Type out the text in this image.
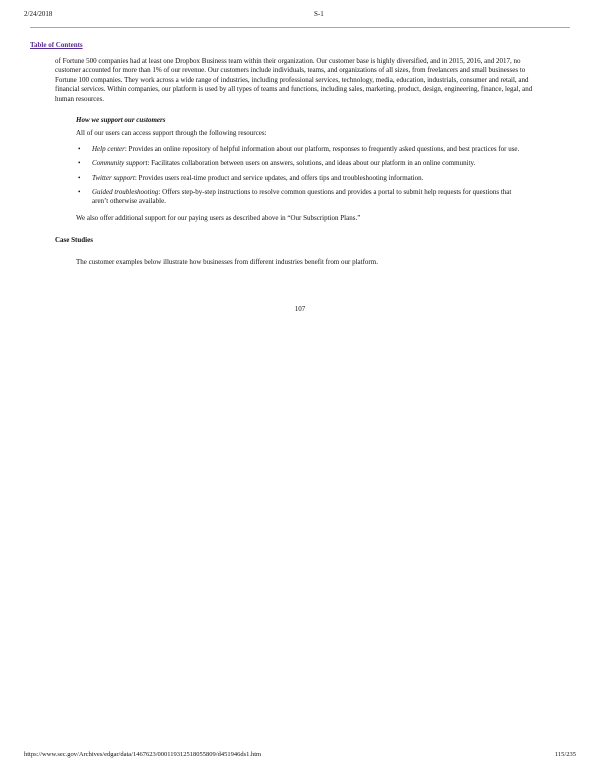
2/24/2018	S-1
Table of Contents

of Fortune 500 companies had at least one Dropbox Business team within their organization. Our customer base is highly diversified, and in 2015, 2016, and 2017, no customer accounted for more than 1% of our revenue. Our customers include individuals, teams, and organizations of all sizes, from freelancers and small businesses to Fortune 100 companies. They work across a wide range of industries, including professional services, technology, media, education, industrials, consumer and retail, and financial services. Within companies, our platform is used by all types of teams and functions, including sales, marketing, product, design, engineering, finance, legal, and human resources.

How we support our customers

All of our users can access support through the following resources:

• Help center: Provides an online repository of helpful information about our platform, responses to frequently asked questions, and best practices for use.
• Community support: Facilitates collaboration between users on answers, solutions, and ideas about our platform in an online community.
• Twitter support: Provides users real-time product and service updates, and offers tips and troubleshooting information.
• Guided troubleshooting: Offers step-by-step instructions to resolve common questions and provides a portal to submit help requests for questions that aren’t otherwise available.

We also offer additional support for our paying users as described above in “Our Subscription Plans.”

Case Studies

The customer examples below illustrate how businesses from different industries benefit from our platform.

107
https://www.sec.gov/Archives/edgar/data/1467623/000119312518055809/d451946ds1.htm	115/235
